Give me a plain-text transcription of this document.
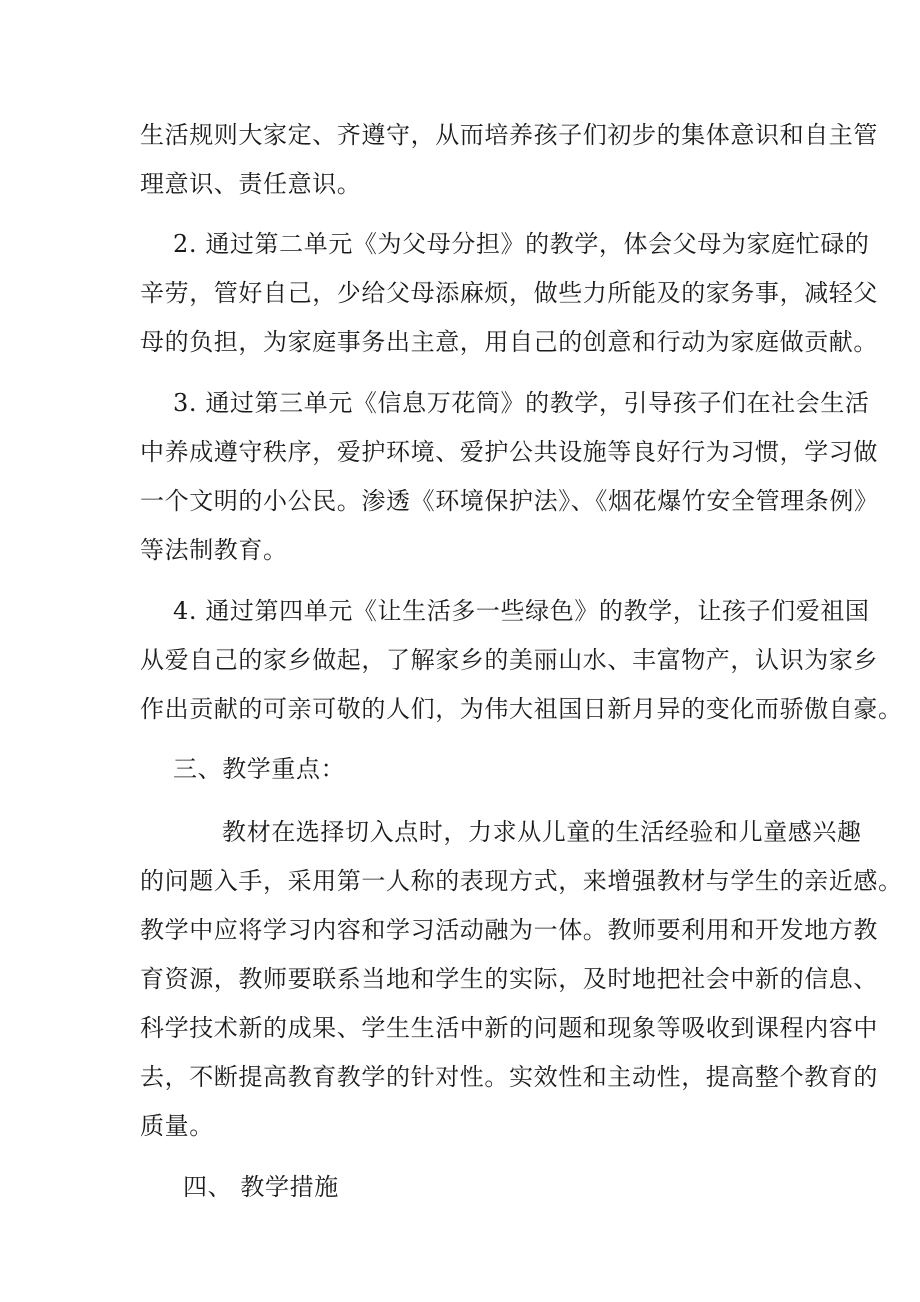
生活规则大家定、齐遵守，从而培养孩子们初步的集体意识和自主管
理意识、责任意识。
2. 通过第二单元《为父母分担》的教学，体会父母为家庭忙碌的
辛劳，管好自己，少给父母添麻烦，做些力所能及的家务事，减轻父
母的负担，为家庭事务出主意，用自己的创意和行动为家庭做贡献。
3. 通过第三单元《信息万花筒》的教学，引导孩子们在社会生活
中养成遵守秩序，爱护环境、爱护公共设施等良好行为习惯，学习做
一个文明的小公民。渗透《环境保护法》、《烟花爆竹安全管理条例》
等法制教育。
4. 通过第四单元《让生活多一些绿色》的教学，让孩子们爱祖国
从爱自己的家乡做起，了解家乡的美丽山水、丰富物产，认识为家乡
作出贡献的可亲可敬的人们，为伟大祖国日新月异的变化而骄傲自豪。
三、教学重点：
教材在选择切入点时，力求从儿童的生活经验和儿童感兴趣
的问题入手，采用第一人称的表现方式，来增强教材与学生的亲近感。
教学中应将学习内容和学习活动融为一体。教师要利用和开发地方教
育资源，教师要联系当地和学生的实际，及时地把社会中新的信息、
科学技术新的成果、学生生活中新的问题和现象等吸收到课程内容中
去，不断提高教育教学的针对性。实效性和主动性，提高整个教育的
质量。
四、 教学措施
